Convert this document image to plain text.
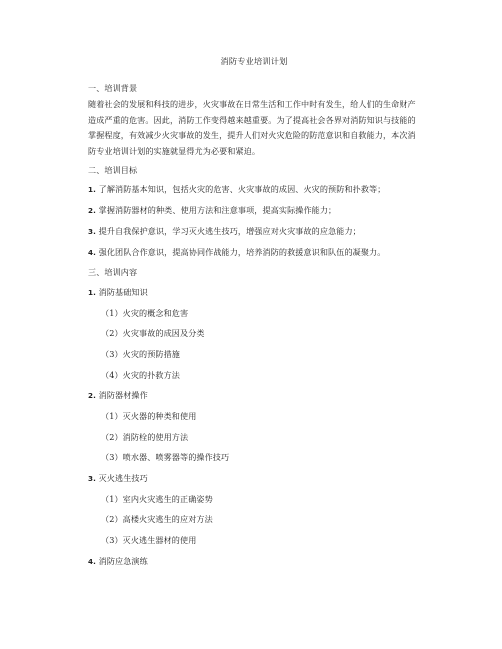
消防专业培训计划
一、培训背景
随着社会的发展和科技的进步，火灾事故在日常生活和工作中时有发生，给人们的生命财产造成严重的危害。因此，消防工作变得越来越重要。为了提高社会各界对消防知识与技能的掌握程度，有效减少火灾事故的发生，提升人们对火灾危险的防范意识和自救能力，本次消防专业培训计划的实施就显得尤为必要和紧迫。
二、培训目标
1. 了解消防基本知识，包括火灾的危害、火灾事故的成因、火灾的预防和扑救等；
2. 掌握消防器材的种类、使用方法和注意事项，提高实际操作能力；
3. 提升自我保护意识，学习灭火逃生技巧，增强应对火灾事故的应急能力；
4. 强化团队合作意识，提高协同作战能力，培养消防的救援意识和队伍的凝聚力。
三、培训内容
1. 消防基础知识
（1）火灾的概念和危害
（2）火灾事故的成因及分类
（3）火灾的预防措施
（4）火灾的扑救方法
2. 消防器材操作
（1）灭火器的种类和使用
（2）消防栓的使用方法
（3）喷水器、喷雾器等的操作技巧
3. 灭火逃生技巧
（1）室内火灾逃生的正确姿势
（2）高楼火灾逃生的应对方法
（3）灭火逃生器材的使用
4. 消防应急演练
